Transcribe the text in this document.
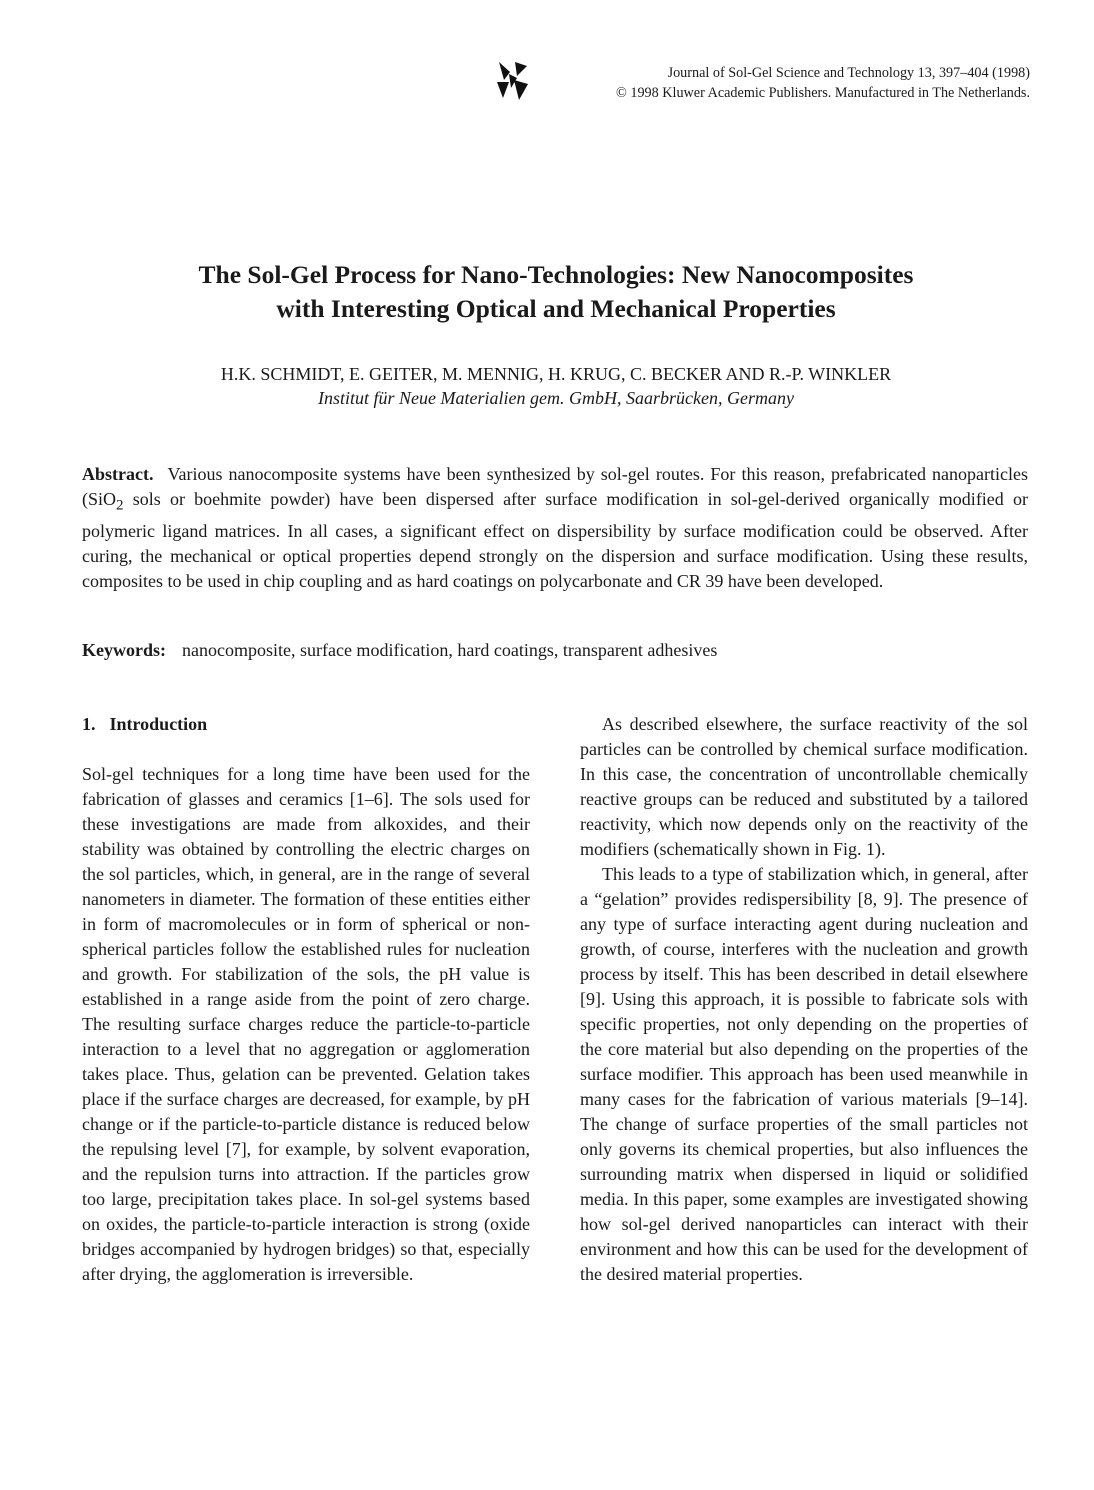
Journal of Sol-Gel Science and Technology 13, 397–404 (1998)
© 1998 Kluwer Academic Publishers. Manufactured in The Netherlands.
The Sol-Gel Process for Nano-Technologies: New Nanocomposites
with Interesting Optical and Mechanical Properties
H.K. SCHMIDT, E. GEITER, M. MENNIG, H. KRUG, C. BECKER AND R.-P. WINKLER
Institut für Neue Materialien gem. GmbH, Saarbrücken, Germany
Abstract. Various nanocomposite systems have been synthesized by sol-gel routes. For this reason, prefabricated nanoparticles (SiO$_2$ sols or boehmite powder) have been dispersed after surface modification in sol-gel-derived organically modified or polymeric ligand matrices. In all cases, a significant effect on dispersibility by surface modification could be observed. After curing, the mechanical or optical properties depend strongly on the dispersion and surface modification. Using these results, composites to be used in chip coupling and as hard coatings on polycarbonate and CR 39 have been developed.
Keywords: nanocomposite, surface modification, hard coatings, transparent adhesives
1. Introduction

Sol-gel techniques for a long time have been used for the fabrication of glasses and ceramics [1–6]. The sols used for these investigations are made from alkoxides, and their stability was obtained by controlling the electric charges on the sol particles, which, in general, are in the range of several nanometers in diameter. The formation of these entities either in form of macromolecules or in form of spherical or non-spherical particles follow the established rules for nucleation and growth. For stabilization of the sols, the pH value is established in a range aside from the point of zero charge. The resulting surface charges reduce the particle-to-particle interaction to a level that no aggregation or agglomeration takes place. Thus, gelation can be prevented. Gelation takes place if the surface charges are decreased, for example, by pH change or if the particle-to-particle distance is reduced below the repulsing level [7], for example, by solvent evaporation, and the repulsion turns into attraction. If the particles grow too large, precipitation takes place. In sol-gel systems based on oxides, the particle-to-particle interaction is strong (oxide bridges accompanied by hydrogen bridges) so that, especially after drying, the agglomeration is irreversible.

As described elsewhere, the surface reactivity of the sol particles can be controlled by chemical surface modification. In this case, the concentration of uncontrollable chemically reactive groups can be reduced and substituted by a tailored reactivity, which now depends only on the reactivity of the modifiers (schematically shown in Fig. 1).

This leads to a type of stabilization which, in general, after a “gelation” provides redispersibility [8, 9]. The presence of any type of surface interacting agent during nucleation and growth, of course, interferes with the nucleation and growth process by itself. This has been described in detail elsewhere [9]. Using this approach, it is possible to fabricate sols with specific properties, not only depending on the properties of the core material but also depending on the properties of the surface modifier. This approach has been used meanwhile in many cases for the fabrication of various materials [9–14]. The change of surface properties of the small particles not only governs its chemical properties, but also influences the surrounding matrix when dispersed in liquid or solidified media. In this paper, some examples are investigated showing how sol-gel derived nanoparticles can interact with their environment and how this can be used for the development of the desired material properties.
